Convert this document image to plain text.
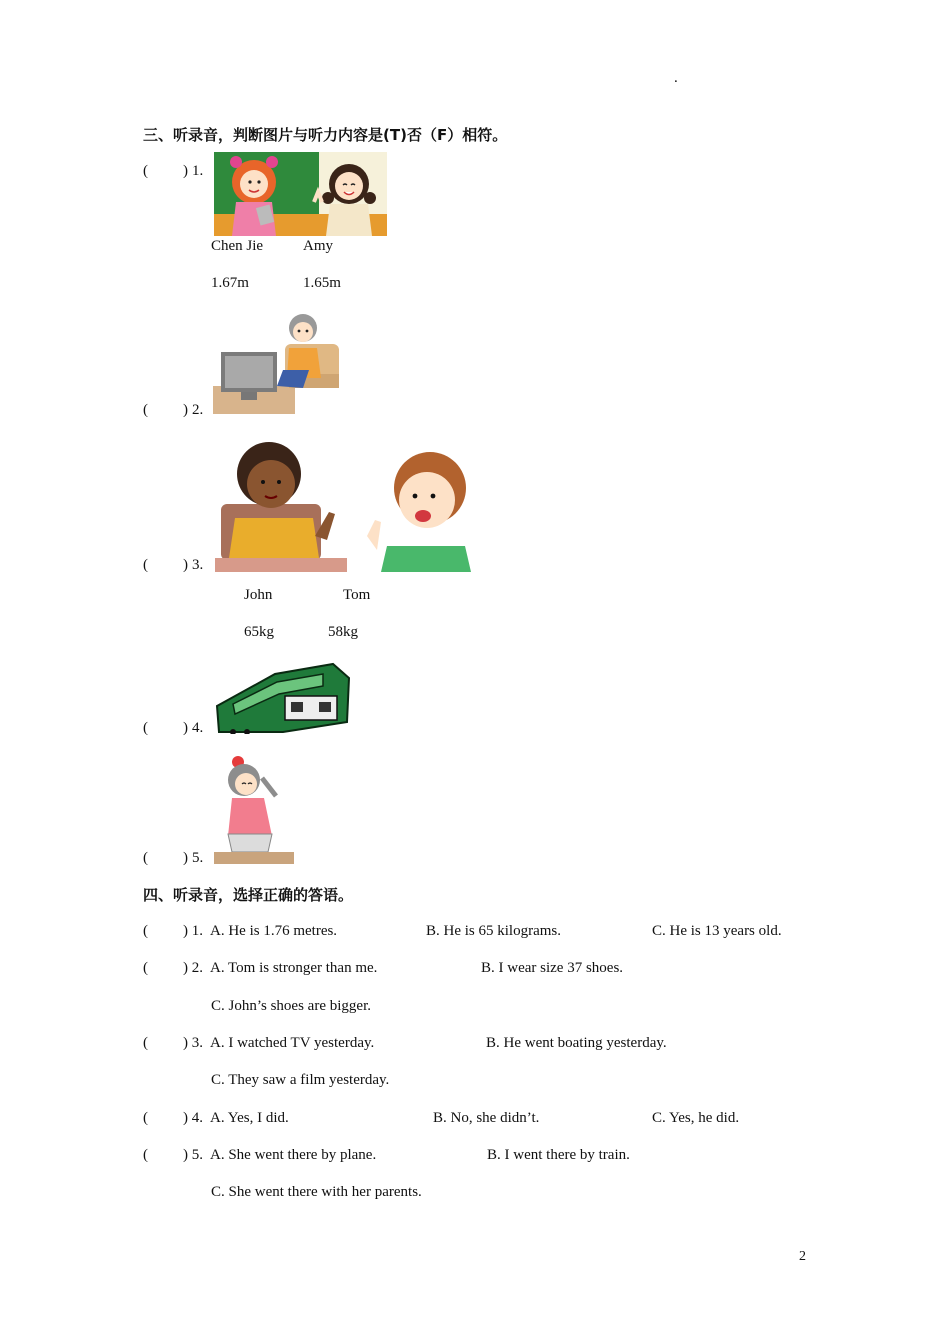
.
三、听录音，判断图片与听力内容是(T)否（F）相符。
( ) 1.
Chen Jie	Amy
1.67m	1.65m
( ) 2.
( ) 3.
John	Tom
65kg	58kg
( ) 4.
( ) 5.
四、听录音，选择正确的答语。
( ) 1. A. He is 1.76 metres.	B. He is 65 kilograms.	C. He is 13 years old.
( ) 2. A. Tom is stronger than me.	B. I wear size 37 shoes.
C. John’s shoes are bigger.
( ) 3. A. I watched TV yesterday.	B. He went boating yesterday.
C. They saw a film yesterday.
( ) 4. A. Yes, I did.	B. No, she didn’t.	C. Yes, he did.
( ) 5. A. She went there by plane.	B. I went there by train.
C. She went there with her parents.
2
